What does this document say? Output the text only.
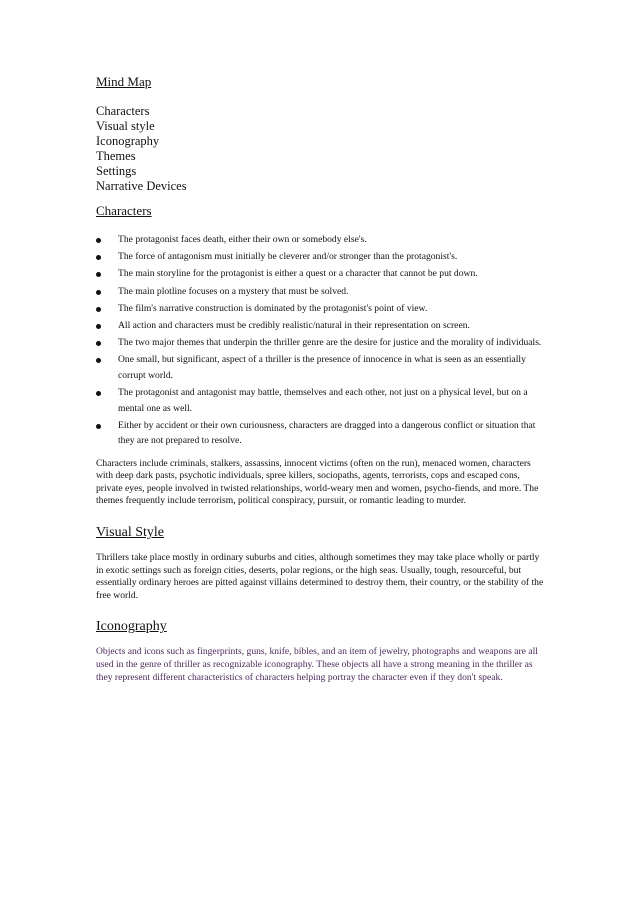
Mind Map
Characters
Visual style
Iconography
Themes
Settings
Narrative Devices
Characters
The protagonist faces death, either their own or somebody else's.
The force of antagonism must initially be cleverer and/or stronger than the protagonist's.
The main storyline for the protagonist is either a quest or a character that cannot be put down.
The main plotline focuses on a mystery that must be solved.
The film's narrative construction is dominated by the protagonist's point of view.
All action and characters must be credibly realistic/natural in their representation on screen.
The two major themes that underpin the thriller genre are the desire for justice and the morality of individuals.
One small, but significant, aspect of a thriller is the presence of innocence in what is seen as an essentially corrupt world.
The protagonist and antagonist may battle, themselves and each other, not just on a physical level, but on a mental one as well.
Either by accident or their own curiousness, characters are dragged into a dangerous conflict or situation that they are not prepared to resolve.

Characters include criminals, stalkers, assassins, innocent victims (often on the run), menaced women, characters with deep dark pasts, psychotic individuals, spree killers, sociopaths, agents, terrorists, cops and escaped cons, private eyes, people involved in twisted relationships, world-weary men and women, psycho-fiends, and more. The themes frequently include terrorism, political conspiracy, pursuit, or romantic leading to murder.

Visual Style

Thrillers take place mostly in ordinary suburbs and cities, although sometimes they may take place wholly or partly in exotic settings such as foreign cities, deserts, polar regions, or the high seas. Usually, tough, resourceful, but essentially ordinary heroes are pitted against villains determined to destroy them, their country, or the stability of the free world.

Iconography

Objects and icons such as fingerprints, guns, knife, bibles, and an item of jewelry, photographs and weapons are all used in the genre of thriller as recognizable iconography. These objects all have a strong meaning in the thriller as they represent different characteristics of characters helping portray the character even if they don't speak.
